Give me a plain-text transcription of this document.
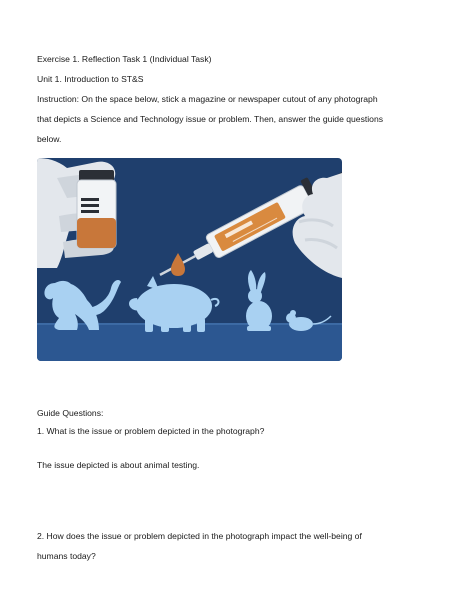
Exercise 1. Reflection Task 1 (Individual Task)
Unit 1. Introduction to ST&S
Instruction: On the space below, stick a magazine or newspaper cutout of any photograph
that depicts a Science and Technology issue or problem. Then, answer the guide questions
below.
Guide Questions:
1. What is the issue or problem depicted in the photograph?
The issue depicted is about animal testing.
2. How does the issue or problem depicted in the photograph impact the well-being of
humans today?
